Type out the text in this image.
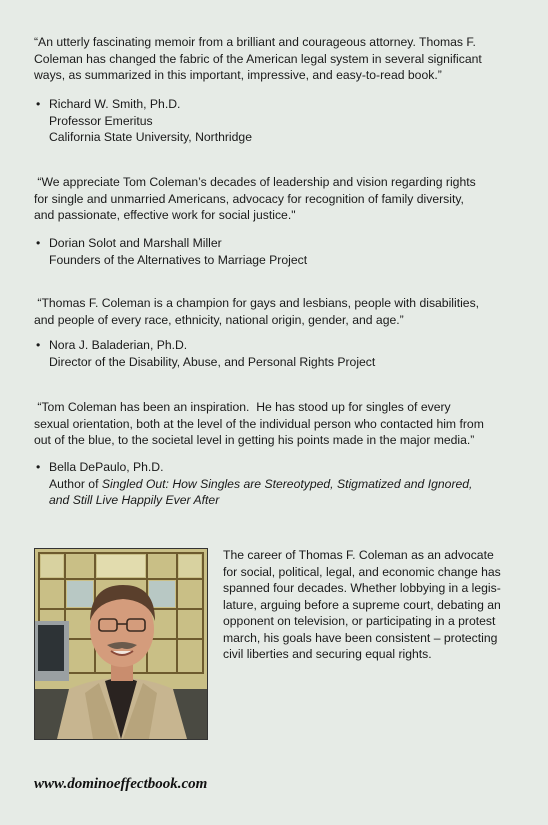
“An utterly fascinating memoir from a brilliant and courageous attorney. Thomas F.
Coleman has changed the fabric of the American legal system in several significant
ways, as summarized in this important, impressive, and easy-to-read book.”

• Richard W. Smith, Ph.D.
Professor Emeritus
California State University, Northridge

“We appreciate Tom Coleman’s decades of leadership and vision regarding rights
for single and unmarried Americans, advocacy for recognition of family diversity,
and passionate, effective work for social justice."

• Dorian Solot and Marshall Miller
Founders of the Alternatives to Marriage Project

“Thomas F. Coleman is a champion for gays and lesbians, people with disabilities,
and people of every race, ethnicity, national origin, gender, and age.”

• Nora J. Baladerian, Ph.D.
Director of the Disability, Abuse, and Personal Rights Project

“Tom Coleman has been an inspiration.  He has stood up for singles of every
sexual orientation, both at the level of the individual person who contacted him from
out of the blue, to the societal level in getting his points made in the major media.”

• Bella DePaulo, Ph.D.
Author of Singled Out: How Singles are Stereotyped, Stigmatized and Ignored,
and Still Live Happily Ever After

The career of Thomas F. Coleman as an advocate
for social, political, legal, and economic change has
spanned four decades. Whether lobbying in a legis-
lature, arguing before a supreme court, debating an
opponent on television, or participating in a protest
march, his goals have been consistent – protecting
civil liberties and securing equal rights.

www.dominoeffectbook.com
